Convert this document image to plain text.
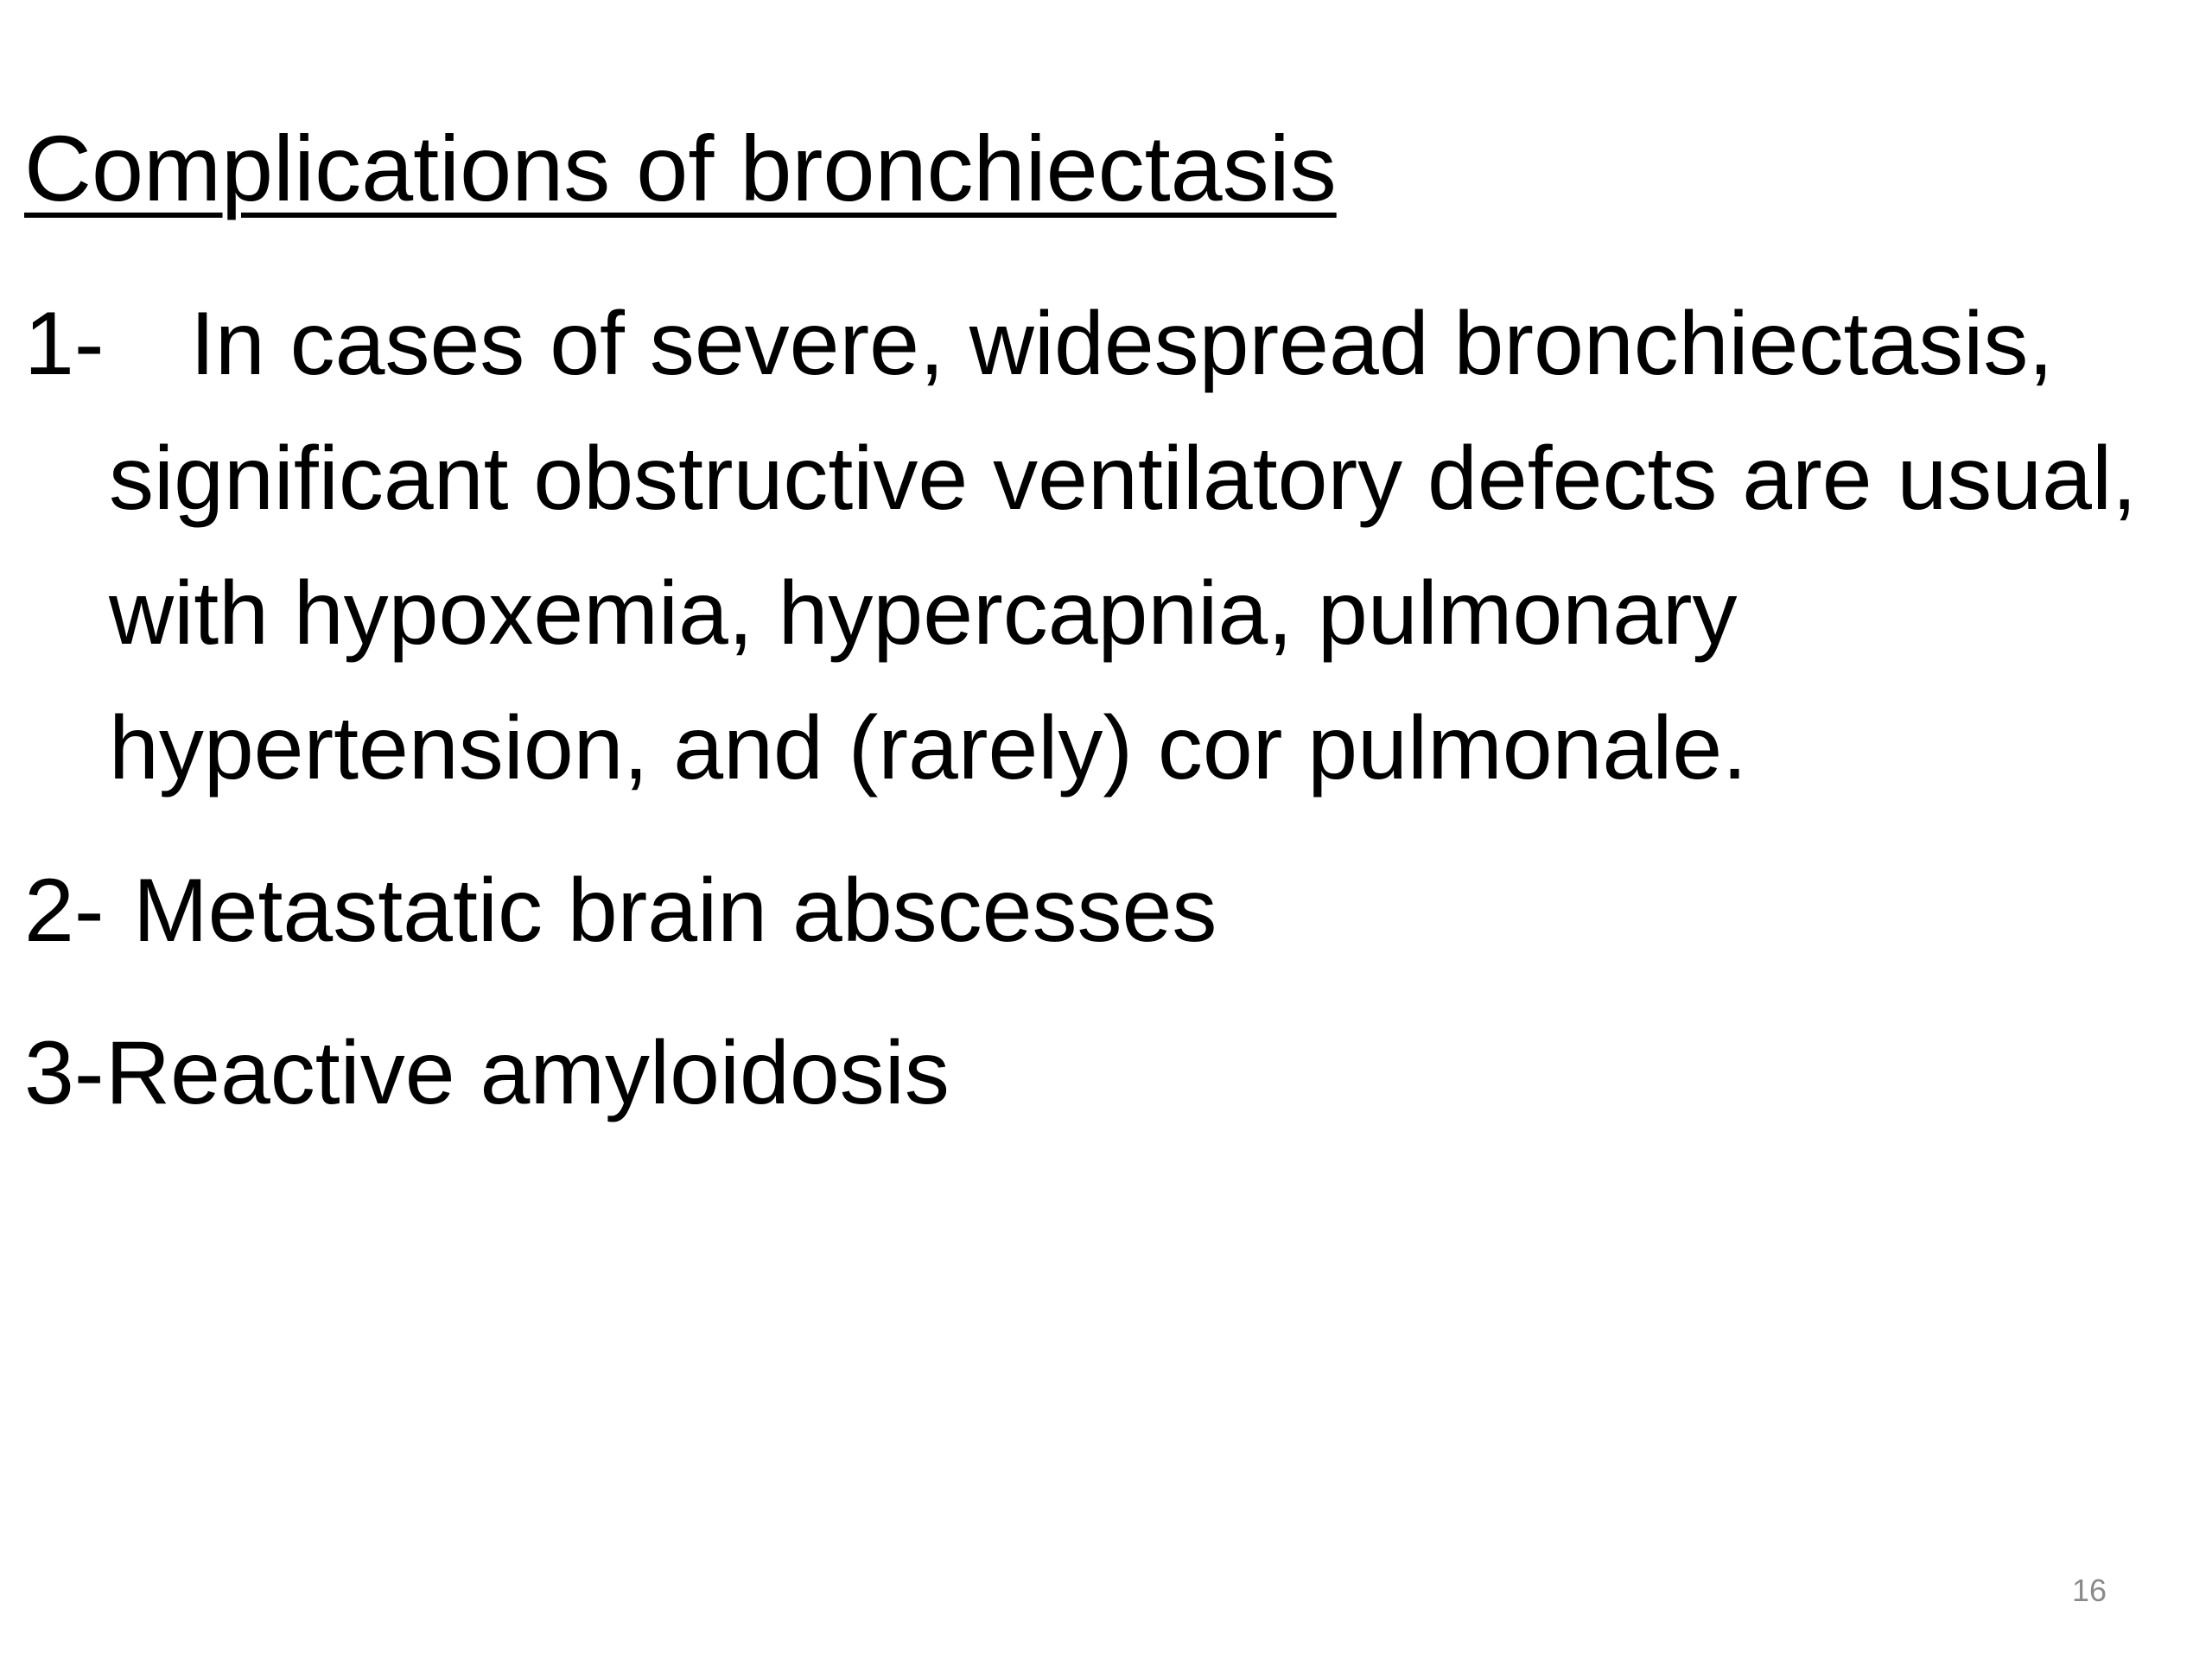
Complications of bronchiectasis
1- In cases of severe, widespread bronchiectasis, significant obstructive ventilatory defects are usual, with hypoxemia, hypercapnia, pulmonary hypertension, and (rarely) cor pulmonale.
2- Metastatic brain abscesses
3- Reactive amyloidosis
16
